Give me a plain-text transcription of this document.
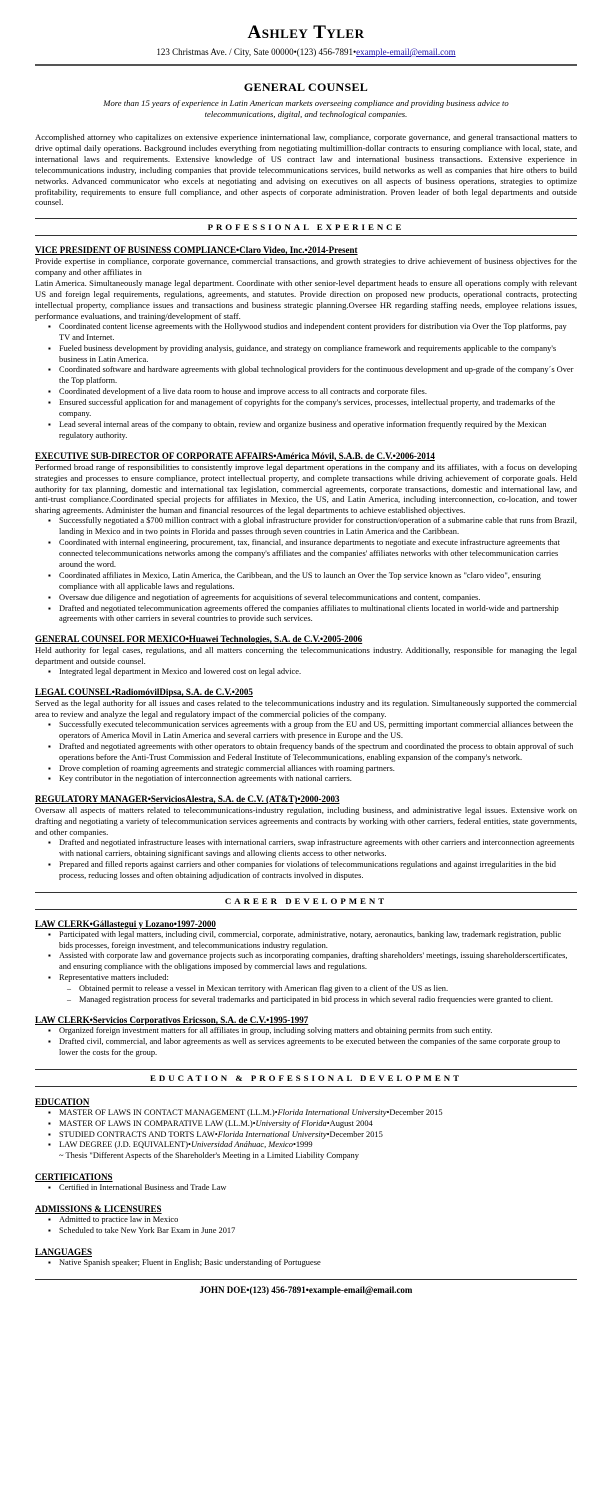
Ashley Tyler
123 Christmas Ave. / City, Sate 00000•(123) 456-7891•example-email@email.com
GENERAL COUNSEL
More than 15 years of experience in Latin American markets overseeing compliance and providing business advice to telecommunications, digital, and technological companies.
Accomplished attorney who capitalizes on extensive experience ininternational law, compliance, corporate governance, and general transactional matters to drive optimal daily operations. Background includes everything from negotiating multimillion-dollar contracts to ensuring compliance with local, state, and international laws and requirements. Extensive knowledge of US contract law and international business transactions. Extensive experience in telecommunications industry, including companies that provide telecommunications services, build networks as well as companies that hire others to build networks. Advanced communicator who excels at negotiating and advising on executives on all aspects of business operations, strategies to optimize profitability, requirements to ensure full compliance, and other aspects of corporate administration. Proven leader of both legal departments and outside counsel.
PROFESSIONAL EXPERIENCE
VICE PRESIDENT OF BUSINESS COMPLIANCE•Claro Video, Inc.•2014-Present

Provide expertise in compliance, corporate governance, commercial transactions, and growth strategies to drive achievement of business objectives for the company and other affiliates in

Latin America. Simultaneously manage legal department. Coordinate with other senior-level department heads to ensure all operations comply with relevant US and foreign legal requirements, regulations, agreements, and statutes. Provide direction on proposed new products, operational contracts, protecting intellectual property, compliance issues and transactions and business strategic planning.Oversee HR regarding staffing needs, employee relations issues, performance evaluations, and training/development of staff.

▪ Coordinated content license agreements with the Hollywood studios and independent content providers for distribution via Over the Top platforms, pay TV and Internet.
▪ Fueled business development by providing analysis, guidance, and strategy on compliance framework and requirements applicable to the company's business in Latin America.
▪ Coordinated software and hardware agreements with global technological providers for the continuous development and up-grade of the company´s Over the Top platform.
▪ Coordinated development of a live data room to house and improve access to all contracts and corporate files.
▪ Ensured successful application for and management of copyrights for the company's services, processes, intellectual property, and trademarks of the company.
▪ Lead several internal areas of the company to obtain, review and organize business and operative information frequently required by the Mexican regulatory authority.
EXECUTIVE SUB-DIRECTOR OF CORPORATE AFFAIRS•América Móvil, S.A.B. de C.V.•2006-2014

Performed broad range of responsibilities to consistently improve legal department operations in the company and its affiliates, with a focus on developing strategies and processes to ensure compliance, protect intellectual property, and complete transactions while driving achievement of corporate goals. Held authority for tax planning, domestic and international tax legislation, commercial agreements, corporate transactions, domestic and international law, and anti-trust compliance.Coordinated special projects for affiliates in Mexico, the US, and Latin America, including interconnection, co-location, and tower sharing agreements. Administer the human and financial resources of the legal departments to achieve established objectives.

▪ Successfully negotiated a $700 million contract with a global infrastructure provider for construction/operation of a submarine cable that runs from Brazil, landing in Mexico and in two points in Florida and passes through seven countries in Latin America and the Caribbean.
▪ Coordinated with internal engineering, procurement, tax, financial, and insurance departments to negotiate and execute infrastructure agreements that connected telecommunications networks among the company's affiliates and the companies' affiliates networks with other telecommunication carries around the word.
▪ Coordinated affiliates in Mexico, Latin America, the Caribbean, and the US to launch an Over the Top service known as "claro video", ensuring compliance with all applicable laws and regulations.
▪ Oversaw due diligence and negotiation of agreements for acquisitions of several telecommunications and content, companies.
▪ Drafted and negotiated telecommunication agreements offered the companies affiliates to multinational clients located in world-wide and partnership agreements with other carriers in several countries to provide such services.
GENERAL COUNSEL FOR MEXICO•Huawei Technologies, S.A. de C.V.•2005-2006

Held authority for legal cases, regulations, and all matters concerning the telecommunications industry. Additionally, responsible for managing the legal department and outside counsel.

▪ Integrated legal department in Mexico and lowered cost on legal advice.
LEGAL COUNSEL•RadiomóvilDipsa, S.A. de C.V.•2005

Served as the legal authority for all issues and cases related to the telecommunications industry and its regulation. Simultaneously supported the commercial area to review and analyze the legal and regulatory impact of the commercial policies of the company.

▪ Successfully executed telecommunication services agreements with a group from the EU and US, permitting important commercial alliances between the operators of America Movil in Latin America and several carriers with presence in Europe and the US.
▪ Drafted and negotiated agreements with other operators to obtain frequency bands of the spectrum and coordinated the process to obtain approval of such operations before the Anti-Trust Commission and Federal Institute of Telecommunications, enabling expansion of the company's network.
▪ Drove completion of roaming agreements and strategic commercial alliances with roaming partners.
▪ Key contributor in the negotiation of interconnection agreements with national carriers.
REGULATORY MANAGER•ServiciosAlestra, S.A. de C.V. (AT&T)•2000-2003

Oversaw all aspects of matters related to telecommunications-industry regulation, including business, and administrative legal issues. Extensive work on drafting and negotiating a variety of telecommunication services agreements and contracts by working with other carriers, federal entities, state governments, and other companies.

▪ Drafted and negotiated infrastructure leases with international carriers, swap infrastructure agreements with other carriers and interconnection agreements with national carriers, obtaining significant savings and allowing clients access to other networks.
▪ Prepared and filled reports against carriers and other companies for violations of telecommunications regulations and against irregularities in the bid process, reducing losses and often obtaining adjudication of contracts involved in disputes.
CAREER DEVELOPMENT
LAW CLERK•Gállastegui y Lozano•1997-2000
▪ Participated with legal matters, including civil, commercial, corporate, administrative, notary, aeronautics, banking law, trademark registration, public bids processes, foreign investment, and telecommunications industry regulation.
▪ Assisted with corporate law and governance projects such as incorporating companies, drafting shareholders' meetings, issuing shareholderscertificates, and ensuring compliance with the obligations imposed by commercial laws and regulations.
▪ Representative matters included:
– Obtained permit to release a vessel in Mexican territory with American flag given to a client of the US as lien.
– Managed registration process for several trademarks and participated in bid process in which several radio frequencies were granted to client.
LAW CLERK•Servicios Corporativos Ericsson, S.A. de C.V.•1995-1997
▪ Organized foreign investment matters for all affiliates in group, including solving matters and obtaining permits from such entity.
▪ Drafted civil, commercial, and labor agreements as well as services agreements to be executed between the companies of the same corporate group to lower the costs for the group.
EDUCATION & PROFESSIONAL DEVELOPMENT
EDUCATION
▪ MASTER OF LAWS IN CONTACT MANAGEMENT (LL.M.)•Florida International University•December 2015
▪ MASTER OF LAWS IN COMPARATIVE LAW (LL.M.)•University of Florida•August 2004
▪ STUDIED CONTRACTS AND TORTS LAW•Florida International University•December 2015
▪ LAW DEGREE (J.D. EQUIVALENT)•Universidad Anáhuac, Mexico•1999
~ Thesis "Different Aspects of the Shareholder's Meeting in a Limited Liability Company
CERTIFICATIONS
▪ Certified in International Business and Trade Law
ADMISSIONS & LICENSURES
▪ Admitted to practice law in Mexico
▪ Scheduled to take New York Bar Exam in June 2017
LANGUAGES
▪ Native Spanish speaker; Fluent in English; Basic understanding of Portuguese
JOHN DOE•(123) 456-7891•example-email@email.com
